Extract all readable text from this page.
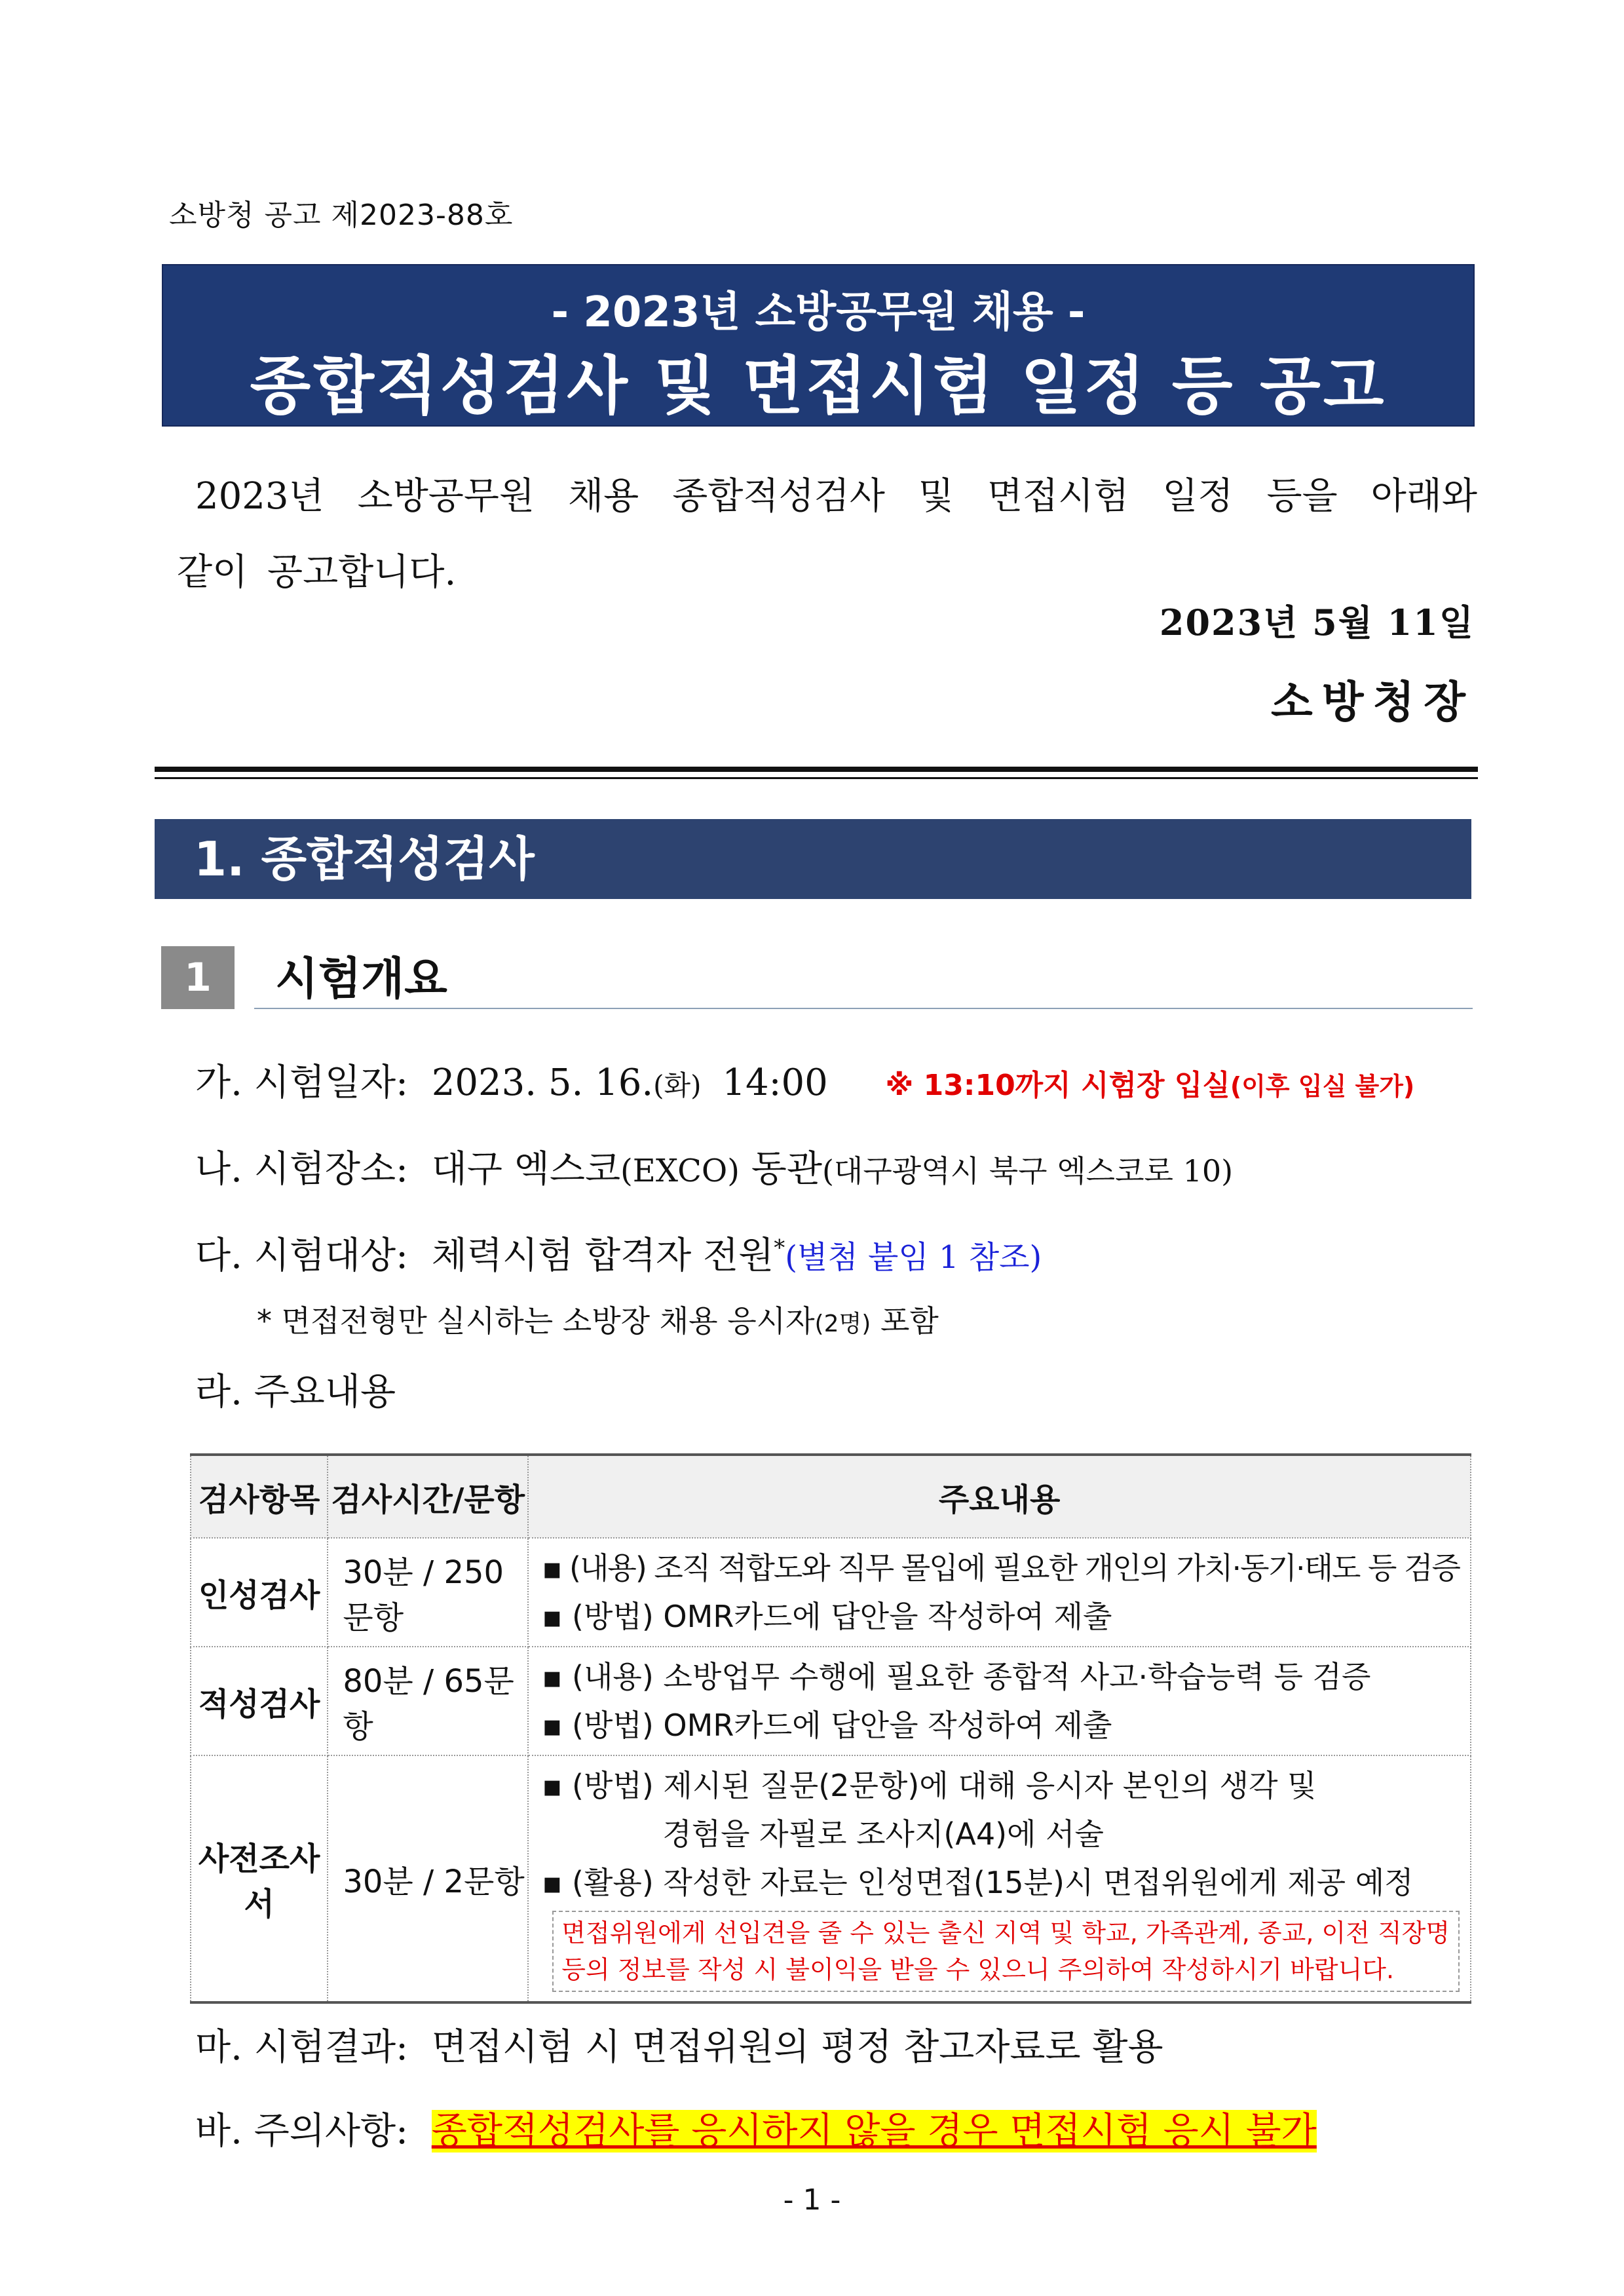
소방청 공고 제2023-88호
- 2023년 소방공무원 채용 -
종합적성검사 및 면접시험 일정 등 공고
2023년 소방공무원 채용 종합적성검사 및 면접시험 일정 등을 아래와
같이 공고합니다.
2023년 5월 11일
소방청장
1. 종합적성검사
1	시험개요
가. 시험일자: 2023. 5. 16.(화) 14:00 ※ 13:10까지 시험장 입실(이후 입실 불가)
나. 시험장소: 대구 엑스코(EXCO) 동관(대구광역시 북구 엑스코로 10)
다. 시험대상: 체력시험 합격자 전원*(별첨 붙임 1 참조)
* 면접전형만 실시하는 소방장 채용 응시자(2명) 포함
라. 주요내용
검사항목	검사시간/문항	주요내용
인성검사	30분 / 250문항	▪ (내용) 조직 적합도와 직무 몰입에 필요한 개인의 가치·동기·태도 등 검증
▪ (방법) OMR카드에 답안을 작성하여 제출

적성검사	80분 / 65문항	▪ (내용) 소방업무 수행에 필요한 종합적 사고·학습능력 등 검증
▪ (방법) OMR카드에 답안을 작성하여 제출

사전조사서	30분 / 2문항	▪ (방법) 제시된 질문(2문항)에 대해 응시자 본인의 생각 및
경험을 자필로 조사지(A4)에 서술
▪ (활용) 작성한 자료는 인성면접(15분)시 면접위원에게 제공 예정
면접위원에게 선입견을 줄 수 있는 출신 지역 및 학교, 가족관계, 종교, 이전 직장명
등의 정보를 작성 시 불이익을 받을 수 있으니 주의하여 작성하시기 바랍니다.
마. 시험결과: 면접시험 시 면접위원의 평정 참고자료로 활용
바. 주의사항: 종합적성검사를 응시하지 않을 경우 면접시험 응시 불가
- 1 -
